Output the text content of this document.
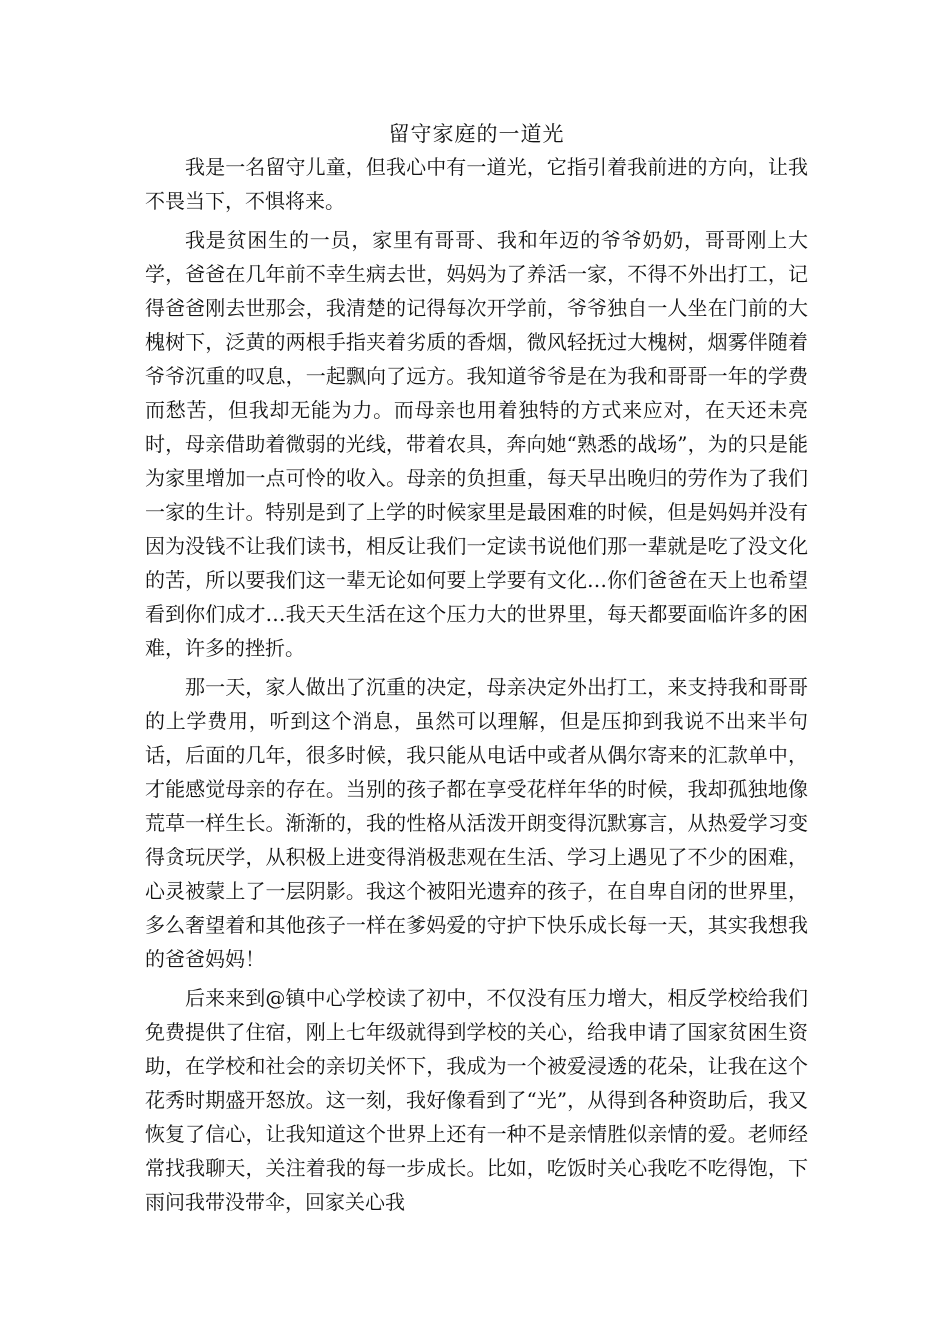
留守家庭的一道光

我是一名留守儿童，但我心中有一道光，它指引着我前进的方向，让我不畏当下，不惧将来。

我是贫困生的一员，家里有哥哥、我和年迈的爷爷奶奶，哥哥刚上大学，爸爸在几年前不幸生病去世，妈妈为了养活一家，不得不外出打工，记得爸爸刚去世那会，我清楚的记得每次开学前，爷爷独自一人坐在门前的大槐树下，泛黄的两根手指夹着劣质的香烟，微风轻抚过大槐树，烟雾伴随着爷爷沉重的叹息，一起飘向了远方。我知道爷爷是在为我和哥哥一年的学费而愁苦，但我却无能为力。而母亲也用着独特的方式来应对，在天还未亮时，母亲借助着微弱的光线，带着农具，奔向她“熟悉的战场”，为的只是能为家里增加一点可怜的收入。母亲的负担重，每天早出晚归的劳作为了我们一家的生计。特别是到了上学的时候家里是最困难的时候，但是妈妈并没有因为没钱不让我们读书，相反让我们一定读书说他们那一辈就是吃了没文化的苦，所以要我们这一辈无论如何要上学要有文化…你们爸爸在天上也希望看到你们成才…我天天生活在这个压力大的世界里，每天都要面临许多的困难，许多的挫折。

那一天，家人做出了沉重的决定，母亲决定外出打工，来支持我和哥哥的上学费用，听到这个消息，虽然可以理解，但是压抑到我说不出来半句话，后面的几年，很多时候，我只能从电话中或者从偶尔寄来的汇款单中，才能感觉母亲的存在。当别的孩子都在享受花样年华的时候，我却孤独地像荒草一样生长。渐渐的，我的性格从活泼开朗变得沉默寡言，从热爱学习变得贪玩厌学，从积极上进变得消极悲观在生活、学习上遇见了不少的困难，心灵被蒙上了一层阴影。我这个被阳光遗弃的孩子，在自卑自闭的世界里，多么奢望着和其他孩子一样在爹妈爱的守护下快乐成长每一天，其实我想我的爸爸妈妈！

后来来到@镇中心学校读了初中，不仅没有压力增大，相反学校给我们免费提供了住宿，刚上七年级就得到学校的关心，给我申请了国家贫困生资助，在学校和社会的亲切关怀下，我成为一个被爱浸透的花朵，让我在这个花秀时期盛开怒放。这一刻，我好像看到了“光”，从得到各种资助后，我又恢复了信心，让我知道这个世界上还有一种不是亲情胜似亲情的爱。老师经常找我聊天，关注着我的每一步成长。比如，吃饭时关心我吃不吃得饱，下雨问我带没带伞，回家关心我
